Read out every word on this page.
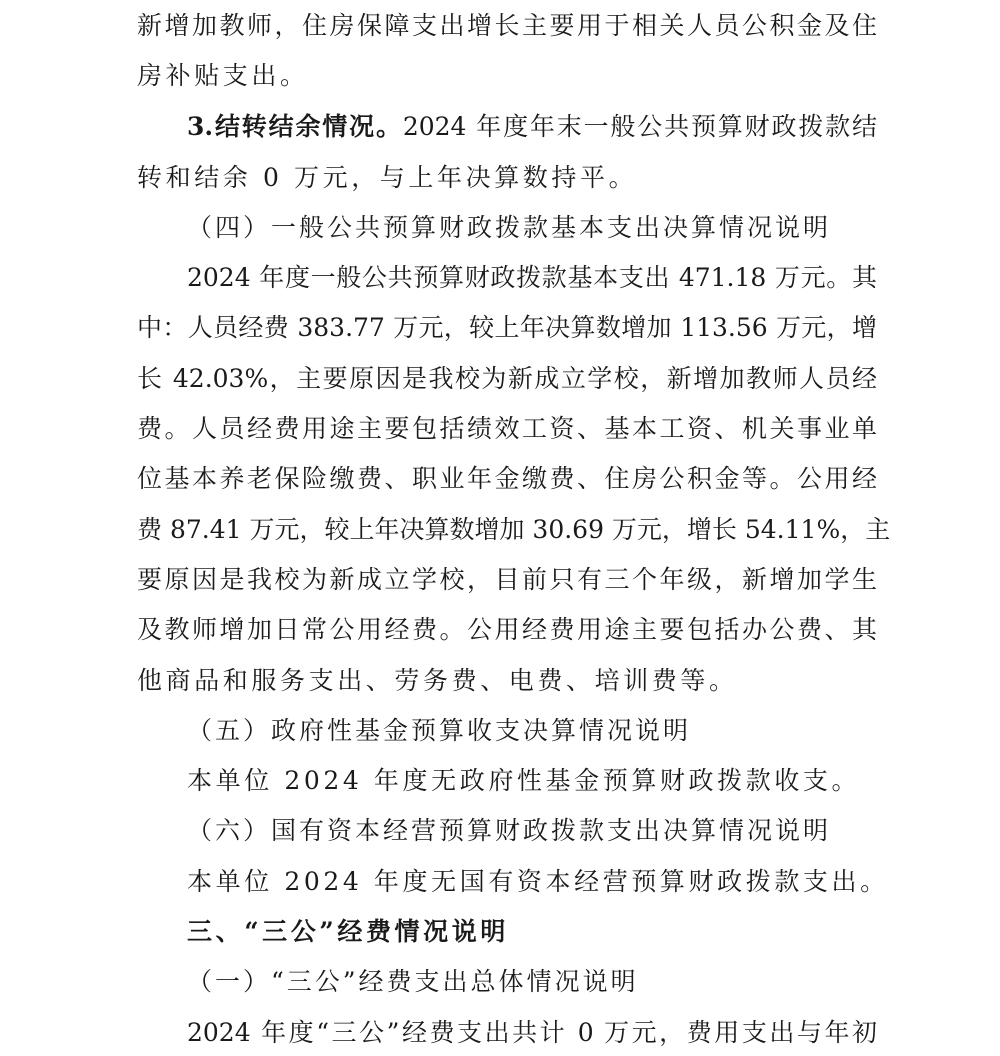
新增加教师，住房保障支出增长主要用于相关人员公积金及住
房补贴支出。
3.结转结余情况。2024 年度年末一般公共预算财政拨款结
转和结余 0 万元，与上年决算数持平。
（四）一般公共预算财政拨款基本支出决算情况说明
2024 年度一般公共预算财政拨款基本支出 471.18 万元。其
中：人员经费 383.77 万元，较上年决算数增加 113.56 万元，增
长 42.03%，主要原因是我校为新成立学校，新增加教师人员经
费。人员经费用途主要包括绩效工资、基本工资、机关事业单
位基本养老保险缴费、职业年金缴费、住房公积金等。公用经
费 87.41 万元，较上年决算数增加 30.69 万元，增长 54.11%，主
要原因是我校为新成立学校，目前只有三个年级，新增加学生
及教师增加日常公用经费。公用经费用途主要包括办公费、其
他商品和服务支出、劳务费、电费、培训费等。
（五）政府性基金预算收支决算情况说明
本单位 2024 年度无政府性基金预算财政拨款收支。
（六）国有资本经营预算财政拨款支出决算情况说明
本单位 2024 年度无国有资本经营预算财政拨款支出。
三、“三公”经费情况说明
（一）“三公”经费支出总体情况说明
2024 年度“三公”经费支出共计 0 万元，费用支出与年初
